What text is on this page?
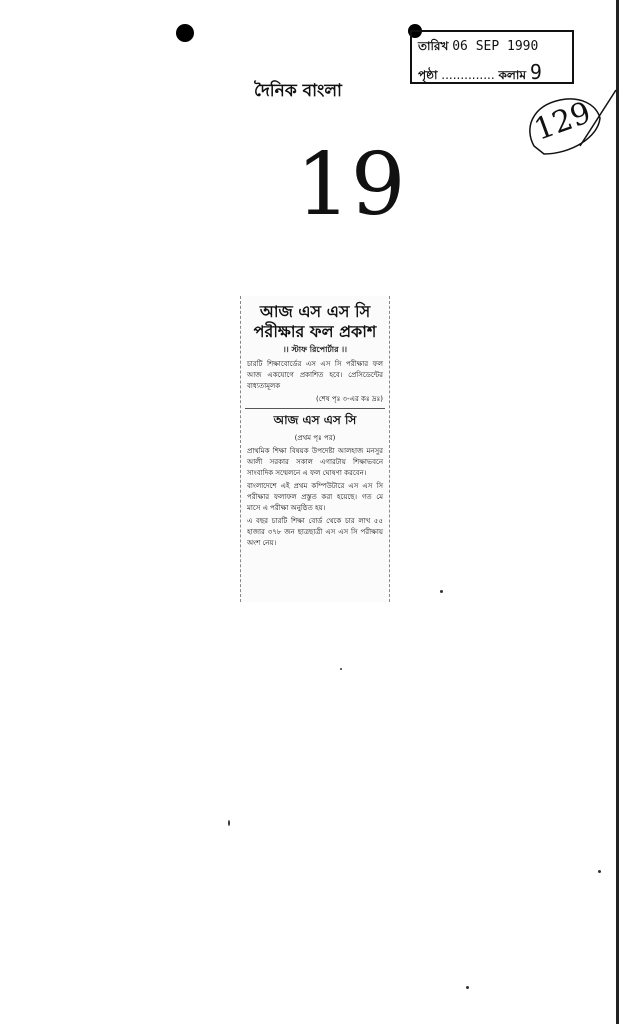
তারিখ 06 SEP 1990
পৃষ্ঠা .............. কলাম 9
দৈনিক বাংলা
19
129
আজ এস এস সি পরীক্ষার ফল প্রকাশ
।। স্টাফ রিপোর্টার ।।

চারটি শিক্ষাবোর্ডের এস এস সি পরীক্ষার ফল আজ একযোগে প্রকাশিত হবে। প্রেসিডেন্টের বাধ্যতামূলক

(শেষ পৃঃ ৩-এর কঃ দ্রঃ)

আজ এস এস সি
(প্রথম পৃঃ পর)

প্রাথমিক শিক্ষা বিষয়ক উপদেষ্টা আলহাজ মনসুর আলী সরকার সকাল এগারটায় শিক্ষাভবনে সাংবাদিক সম্মেলনে এ ফল ঘোষণা করবেন।

বাংলাদেশে এই প্রথম কম্পিউটারে এস এস সি পরীক্ষার ফলাফল প্রস্তুত করা হয়েছে। গত মে মাসে এ পরীক্ষা অনুষ্ঠিত হয়।

এ বছর চারটি শিক্ষা বোর্ড থেকে চার লাখ ৫৫ হাজার ৩৭৮ জন ছাত্রছাত্রী এস এস সি পরীক্ষায় অংশ নেয়।
